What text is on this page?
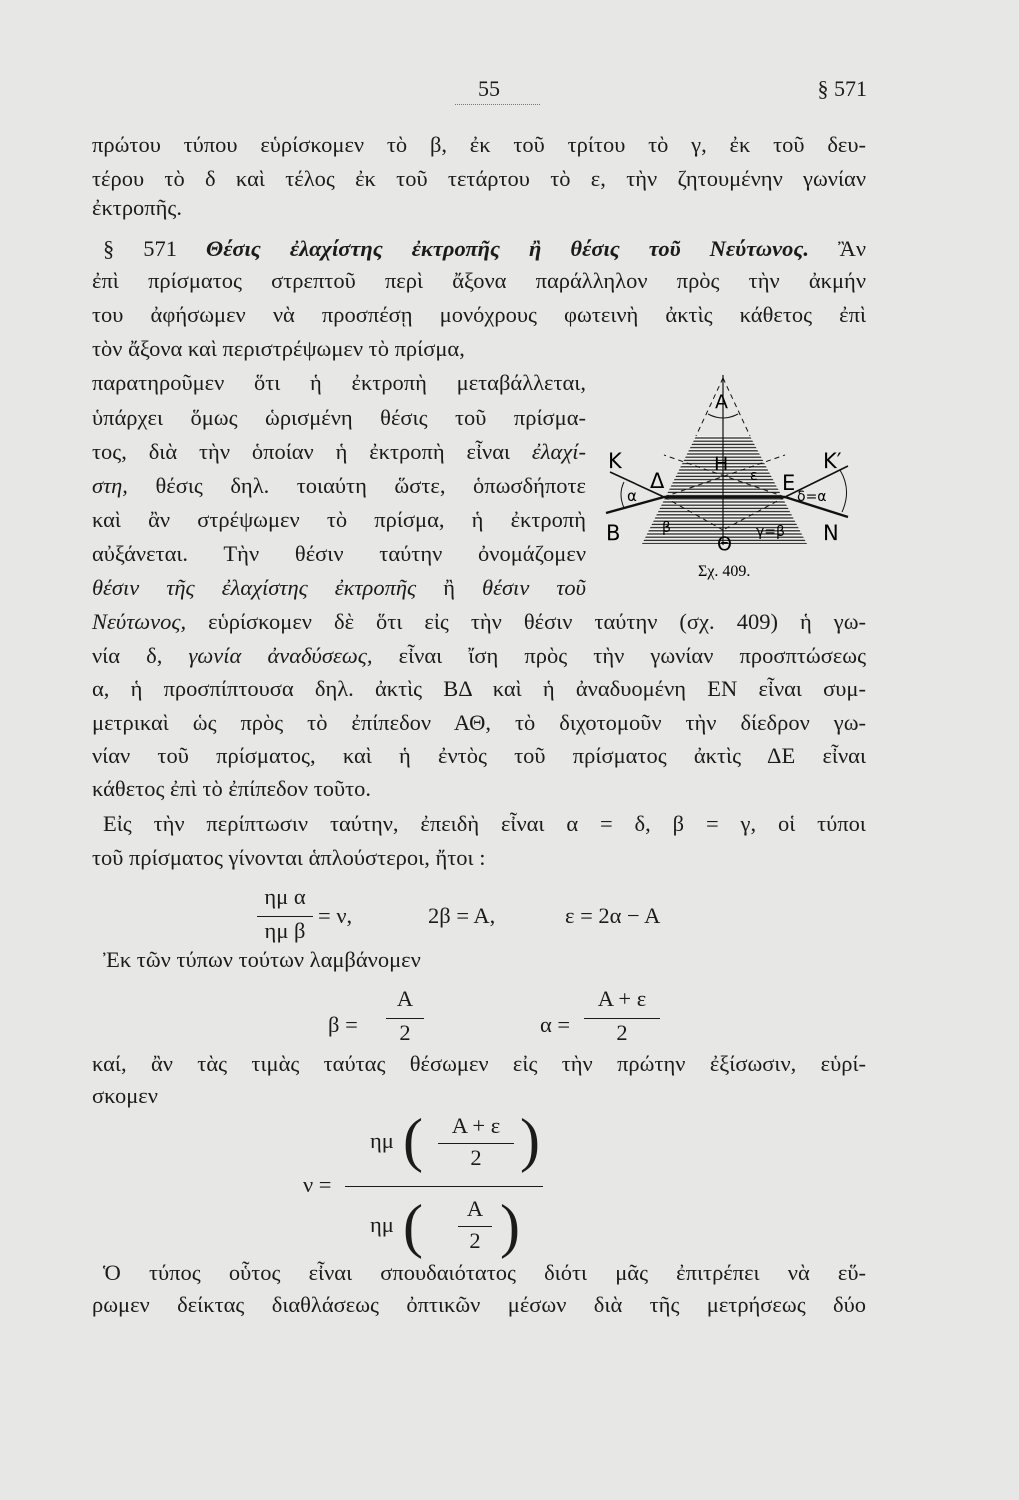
55	§ 571
πρώτου τύπου εὑρίσκομεν τὸ β, ἐκ τοῦ τρίτου τὸ γ, ἐκ τοῦ δευ-
τέρου τὸ δ καὶ τέλος ἐκ τοῦ τετάρτου τὸ ε, τὴν ζητουμένην γωνίαν
ἐκτροπῆς.
§ 571 Θέσις ἐλαχίστης ἐκτροπῆς ἢ θέσις τοῦ Νεύτωνος. Ἂν
ἐπὶ πρίσματος στρεπτοῦ περὶ ἄξονα παράλληλον πρὸς τὴν ἀκμήν
του ἀφήσωμεν νὰ προσπέσῃ μονόχρους φωτεινὴ ἀκτὶς κάθετος ἐπὶ
τὸν ἄξονα καὶ περιστρέψωμεν τὸ πρίσμα,
παρατηροῦμεν ὅτι ἡ ἐκτροπὴ μεταβάλλεται,
ὑπάρχει ὅμως ὡρισμένη θέσις τοῦ πρίσμα-
τος, διὰ τὴν ὁποίαν ἡ ἐκτροπὴ εἶναι ἐλαχί-
στη, θέσις δηλ. τοιαύτη ὥστε, ὁπωσδήποτε
καὶ ἂν στρέψωμεν τὸ πρίσμα, ἡ ἐκτροπὴ
αὐξάνεται. Τὴν θέσιν ταύτην ὀνομάζομεν
θέσιν τῆς ἐλαχίστης ἐκτροπῆς ἢ θέσιν τοῦ
Νεύτωνος, εὑρίσκομεν δὲ ὅτι εἰς τὴν θέσιν ταύτην (σχ. 409) ἡ γω-
νία δ, γωνία ἀναδύσεως, εἶναι ἴση πρὸς τὴν γωνίαν προσπτώσεως
α, ἡ προσπίπτουσα δηλ. ἀκτὶς ΒΔ καὶ ἡ ἀναδυομένη ΕΝ εἶναι συμ-
μετρικαὶ ὡς πρὸς τὸ ἐπίπεδον ΑΘ, τὸ διχοτομοῦν τὴν δίεδρον γω-
νίαν τοῦ πρίσματος, καὶ ἡ ἐντὸς τοῦ πρίσματος ἀκτὶς ΔΕ εἶναι
κάθετος ἐπὶ τὸ ἐπίπεδον τοῦτο.
Εἰς τὴν περίπτωσιν ταύτην, ἐπειδὴ εἶναι α = δ, β = γ, οἱ τύποι
τοῦ πρίσματος γίνονται ἁπλούστεροι, ἤτοι :
Ἐκ τῶν τύπων τούτων λαμβάνομεν
καί, ἂν τὰς τιμὰς ταύτας θέσωμεν εἰς τὴν πρώτην ἐξίσωσιν, εὑρί-
σκομεν
Ὁ τύπος οὗτος εἶναι σπουδαιότατος διότι μᾶς ἐπιτρέπει νὰ εὕ-
ρωμεν δείκτας διαθλάσεως ὀπτικῶν μέσων διὰ τῆς μετρήσεως δύο
ημ α
ημ β
= ν,	2β = Α,	ε = 2α − Α
β =
Α
2	α =
Α + ε
2
ν =
ημ (	Α + ε
2 )
ημ (	Α
2 )
Α
Η
Κ	Κ′
Δ	Ε
Β	Ν
Θ
α	δ=α
β	γ=β
ε
Σχ. 409.
